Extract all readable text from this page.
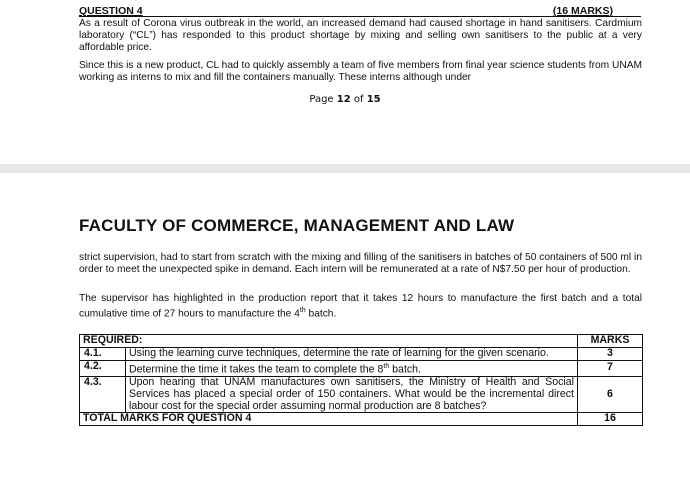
QUESTION 4	(16 MARKS)

As a result of Corona virus outbreak in the world, an increased demand had caused shortage in hand sanitisers. Cardmium laboratory (“CL”) has responded to this product shortage by mixing and selling own sanitisers to the public at a very affordable price.

Since this is a new product, CL had to quickly assembly a team of five members from final year science students from UNAM working as interns to mix and fill the containers manually. These interns although under

Page 12 of 15
FACULTY OF COMMERCE, MANAGEMENT AND LAW

strict supervision, had to start from scratch with the mixing and filling of the sanitisers in batches of 50 containers of 500 ml in order to meet the unexpected spike in demand. Each intern will be remunerated at a rate of N$7.50 per hour of production.

The supervisor has highlighted in the production report that it takes 12 hours to manufacture the first batch and a total cumulative time of 27 hours to manufacture the 4th batch.

REQUIRED:		MARKS
4.1.	Using the learning curve techniques, determine the rate of learning for the given scenario.	3
4.2.	Determine the time it takes the team to complete the 8th batch.	7
4.3.	Upon hearing that UNAM manufactures own sanitisers, the Ministry of Health and Social Services has placed a special order of 150 containers. What would be the incremental direct labour cost for the special order assuming normal production are 8 batches?	6
TOTAL MARKS FOR QUESTION 4		16
